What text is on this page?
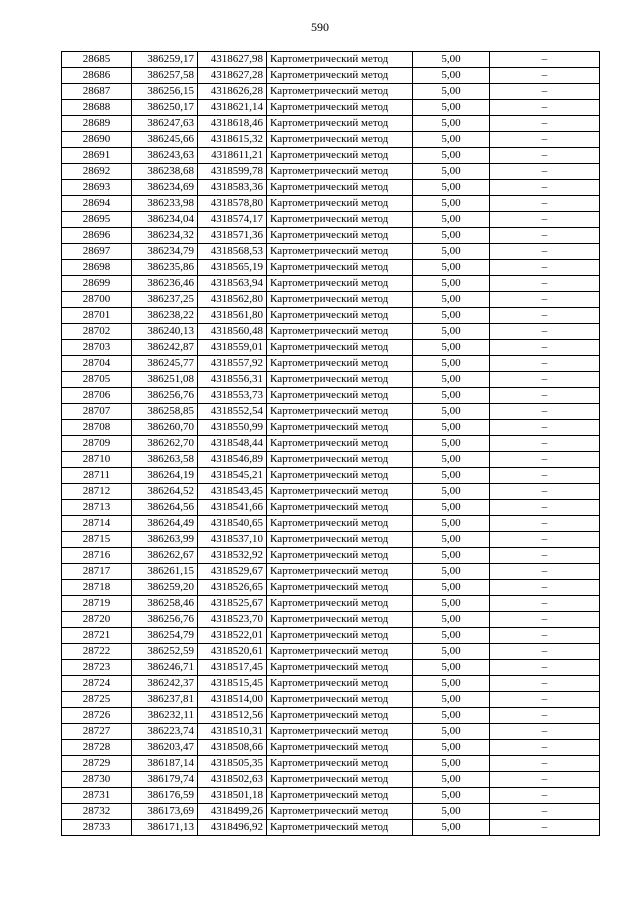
590
28685	386259,17	4318627,98	Картометрический метод	5,00	–
28686	386257,58	4318627,28	Картометрический метод	5,00	–
28687	386256,15	4318626,28	Картометрический метод	5,00	–
28688	386250,17	4318621,14	Картометрический метод	5,00	–
28689	386247,63	4318618,46	Картометрический метод	5,00	–
28690	386245,66	4318615,32	Картометрический метод	5,00	–
28691	386243,63	4318611,21	Картометрический метод	5,00	–
28692	386238,68	4318599,78	Картометрический метод	5,00	–
28693	386234,69	4318583,36	Картометрический метод	5,00	–
28694	386233,98	4318578,80	Картометрический метод	5,00	–
28695	386234,04	4318574,17	Картометрический метод	5,00	–
28696	386234,32	4318571,36	Картометрический метод	5,00	–
28697	386234,79	4318568,53	Картометрический метод	5,00	–
28698	386235,86	4318565,19	Картометрический метод	5,00	–
28699	386236,46	4318563,94	Картометрический метод	5,00	–
28700	386237,25	4318562,80	Картометрический метод	5,00	–
28701	386238,22	4318561,80	Картометрический метод	5,00	–
28702	386240,13	4318560,48	Картометрический метод	5,00	–
28703	386242,87	4318559,01	Картометрический метод	5,00	–
28704	386245,77	4318557,92	Картометрический метод	5,00	–
28705	386251,08	4318556,31	Картометрический метод	5,00	–
28706	386256,76	4318553,73	Картометрический метод	5,00	–
28707	386258,85	4318552,54	Картометрический метод	5,00	–
28708	386260,70	4318550,99	Картометрический метод	5,00	–
28709	386262,70	4318548,44	Картометрический метод	5,00	–
28710	386263,58	4318546,89	Картометрический метод	5,00	–
28711	386264,19	4318545,21	Картометрический метод	5,00	–
28712	386264,52	4318543,45	Картометрический метод	5,00	–
28713	386264,56	4318541,66	Картометрический метод	5,00	–
28714	386264,49	4318540,65	Картометрический метод	5,00	–
28715	386263,99	4318537,10	Картометрический метод	5,00	–
28716	386262,67	4318532,92	Картометрический метод	5,00	–
28717	386261,15	4318529,67	Картометрический метод	5,00	–
28718	386259,20	4318526,65	Картометрический метод	5,00	–
28719	386258,46	4318525,67	Картометрический метод	5,00	–
28720	386256,76	4318523,70	Картометрический метод	5,00	–
28721	386254,79	4318522,01	Картометрический метод	5,00	–
28722	386252,59	4318520,61	Картометрический метод	5,00	–
28723	386246,71	4318517,45	Картометрический метод	5,00	–
28724	386242,37	4318515,45	Картометрический метод	5,00	–
28725	386237,81	4318514,00	Картометрический метод	5,00	–
28726	386232,11	4318512,56	Картометрический метод	5,00	–
28727	386223,74	4318510,31	Картометрический метод	5,00	–
28728	386203,47	4318508,66	Картометрический метод	5,00	–
28729	386187,14	4318505,35	Картометрический метод	5,00	–
28730	386179,74	4318502,63	Картометрический метод	5,00	–
28731	386176,59	4318501,18	Картометрический метод	5,00	–
28732	386173,69	4318499,26	Картометрический метод	5,00	–
28733	386171,13	4318496,92	Картометрический метод	5,00	–
